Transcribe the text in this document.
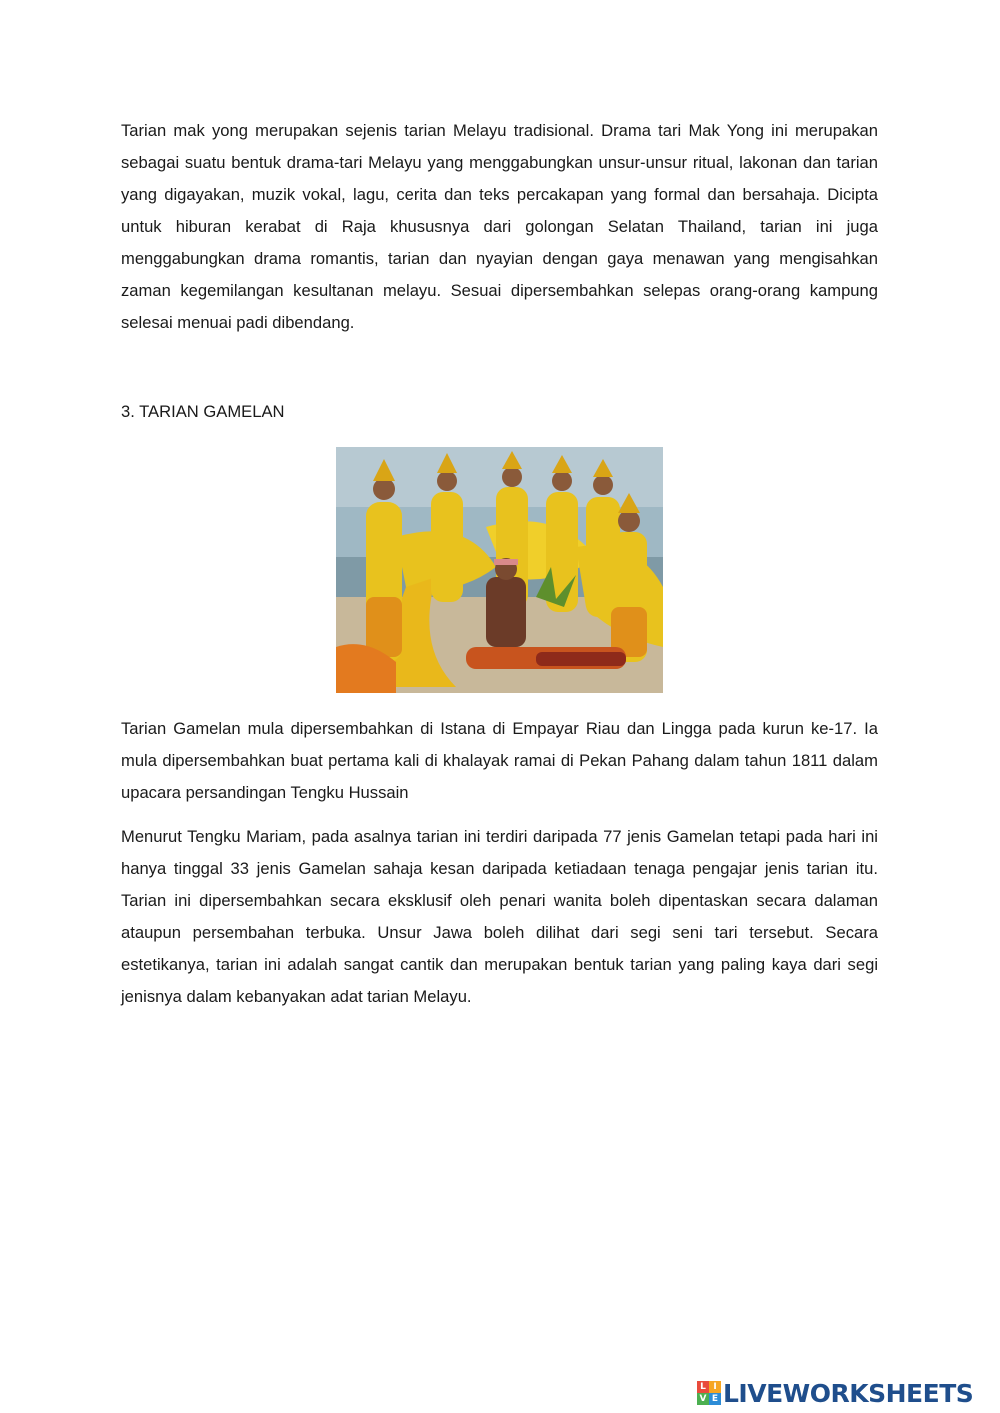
Tarian mak yong merupakan sejenis tarian Melayu tradisional. Drama tari Mak Yong ini merupakan sebagai suatu bentuk drama-tari Melayu yang menggabungkan unsur-unsur ritual, lakonan dan tarian yang digayakan, muzik vokal, lagu, cerita dan teks percakapan yang formal dan bersahaja. Dicipta untuk hiburan kerabat di Raja khususnya dari golongan Selatan Thailand, tarian ini juga menggabungkan drama romantis, tarian dan nyayian dengan gaya menawan yang mengisahkan zaman kegemilangan kesultanan melayu. Sesuai dipersembahkan selepas orang-orang kampung selesai menuai padi dibendang.

3. TARIAN GAMELAN

Tarian Gamelan mula dipersembahkan di Istana di Empayar Riau dan Lingga pada kurun ke-17. Ia mula dipersembahkan buat pertama kali di khalayak ramai di Pekan Pahang dalam tahun 1811 dalam upacara persandingan Tengku Hussain

Menurut Tengku Mariam, pada asalnya tarian ini terdiri daripada 77 jenis Gamelan tetapi pada hari ini hanya tinggal 33 jenis Gamelan sahaja kesan daripada ketiadaan tenaga pengajar jenis tarian itu. Tarian ini dipersembahkan secara eksklusif oleh penari wanita boleh dipentaskan secara dalaman ataupun persembahan terbuka. Unsur Jawa boleh dilihat dari segi seni tari tersebut. Secara estetikanya, tarian ini adalah sangat cantik dan merupakan bentuk tarian yang paling kaya dari segi jenisnya dalam kebanyakan adat tarian Melayu.

L I
V E LIVEWORKSHEETS
